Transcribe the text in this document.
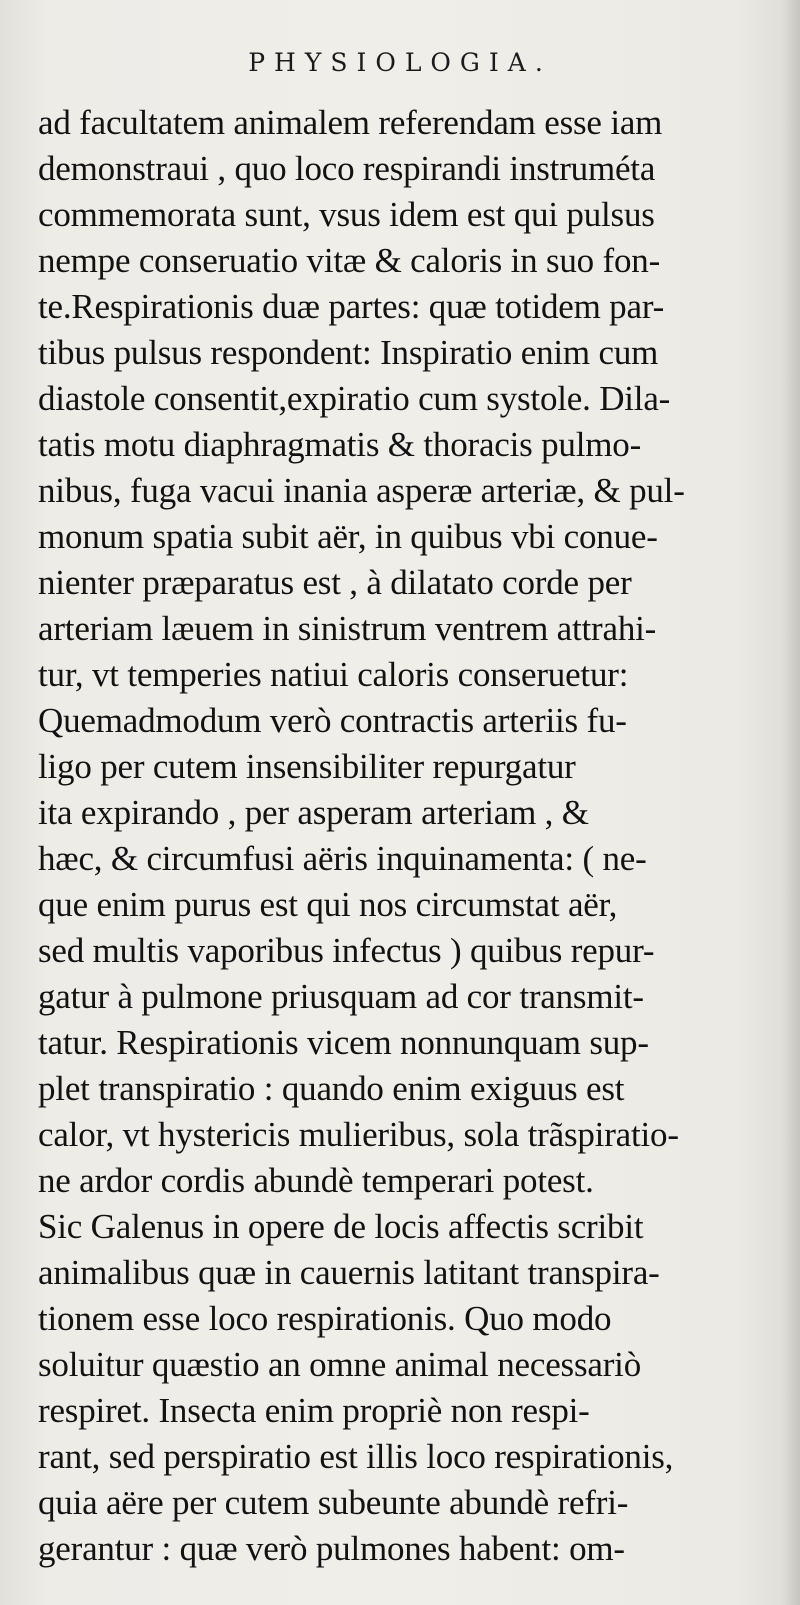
PHYSIOLOGIA.
ad facultatem animalem referendam esse iam
demonstraui , quo loco respirandi instruméta
commemorata sunt, vsus idem est qui pulsus
nempe conseruatio vitæ & caloris in suo fon-
te.Respirationis duæ partes: quæ totidem par-
tibus pulsus respondent: Inspiratio enim cum
diastole consentit,expiratio cum systole. Dila-
tatis motu diaphragmatis & thoracis pulmo-
nibus, fuga vacui inania asperæ arteriæ, & pul-
monum spatia subit aër, in quibus vbi conue-
nienter præparatus est , à dilatato corde per
arteriam læuem in sinistrum ventrem attrahi-
tur, vt temperies natiui caloris conseruetur:
Quemadmodum verò contractis arteriis fu-
ligo per cutem insensibiliter repurgatur
ita expirando , per asperam arteriam , &
hæc, & circumfusi aëris inquinamenta: ( ne-
que enim purus est qui nos circumstat aër,
sed multis vaporibus infectus ) quibus repur-
gatur à pulmone priusquam ad cor transmit-
tatur. Respirationis vicem nonnunquam sup-
plet transpiratio : quando enim exiguus est
calor, vt hystericis mulieribus, sola trãspiratio-
ne ardor cordis abundè temperari potest.
Sic Galenus in opere de locis affectis scribit
animalibus quæ in cauernis latitant transpira-
tionem esse loco respirationis. Quo modo
soluitur quæstio an omne animal necessariò
respiret. Insecta enim propriè non respi-
rant, sed perspiratio est illis loco respirationis,
quia aëre per cutem subeunte abundè refri-
gerantur : quæ verò pulmones habent: om-
